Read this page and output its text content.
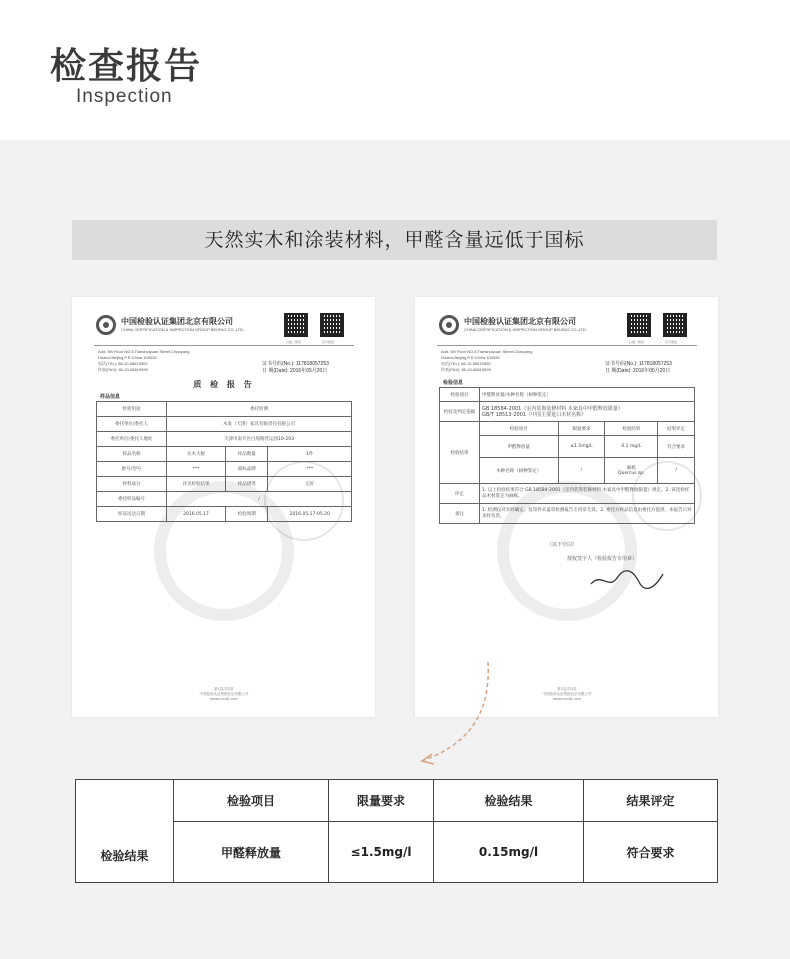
检查报告
Inspection
天然实木和涂装材料，甲醛含量远低于国标
中国检验认证集团北京有限公司
CHINA CERTIFICATION & INSPECTION GROUP BEIJING CO.,LTD.
扫描二维码	官方微信
Add: 5th Floor NO.6,Tianshuiyuan Street,Chaoyang
District,Beijing,P.R.China 100026
电话(TEL): 86-10-58619500
传真(FAX): 86-10-58619599
证书号码(No.): 117818057253
日 期(Date): 2016年05月20日
质 检 报 告
样品信息
检验用途	委托检测		
委托单位/委托人	木发（天津）家具有限责任有限公司		
委托单位/委托人地址	天津市南开区白堤路营运园10-203		
样品名称	实木大板	样品数量	1件
批号/型号	***	商标品牌	***
材料成分	详见检验结果	样品描述	完好
委托样品编号	/		
样品送达日期	2016.05.17	检验周期	2016.05.17-05.20
第1页/共2页
中国检验认证集团北京有限公司
www.ccicbj.com
中国检验认证集团北京有限公司
CHINA CERTIFICATION & INSPECTION GROUP BEIJING CO.,LTD.
扫描二维码	官方微信
Add: 5th Floor NO.6,Tianshuiyuan Street,Chaoyang
District,Beijing,P.R.China 100026
电话(TEL): 86-10-58619500
传真(FAX): 86-10-58619599
证书号码(No.): 117818057253
日 期(Date): 2016年05月20日
检验信息
检验项目	甲醛释放量/木种名称（树种鉴定）			
检验及判定依据	GB 18584-2001《室内装饰装修材料 木家具中甲醛释放限量》
GB/T 18513-2001《中国主要进口木材名称》			

检验结果	检验项目	限量要求	检验结果	结果评定
	甲醛释放量	≤1.5mg/L	0.1 mg/L	符合要求
	木种名称（树种鉴定）	/	麻栎
Quercus sp.	/
评定	1. 以上检验结果符合 GB 18584-2001《室内装饰装修材料 木家具中甲醛释放限量》规定。2. 该送检样品木材鉴定为麻栎。			
备注	1. 检测仪对未经确定、复印件未盖章检测报告专用章无效。2. 委托方样品信息由委托方提供，本报告只对来样负责。			
（以下空白）
授权签字人（检验报告专用章）
第2页/共2页
中国检验认证集团北京有限公司
www.ccicbj.com
检验结果	检验项目	限量要求	检验结果	结果评定
	甲醛释放量	≤1.5mg/l	0.15mg/l	符合要求
